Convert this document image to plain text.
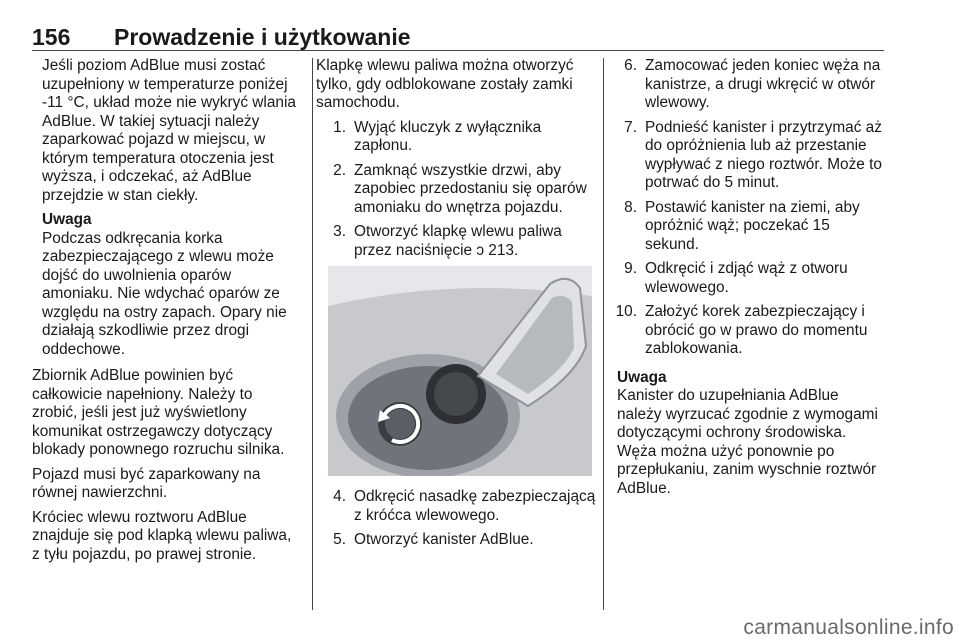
156 Prowadzenie i użytkowanie

Jeśli poziom AdBlue musi zostać uzupełniony w temperaturze poniżej -11 °C, układ może nie wykryć wlania AdBlue. W takiej sytuacji należy zaparkować pojazd w miejscu, w którym temperatura otoczenia jest wyższa, i odczekać, aż AdBlue przejdzie w stan ciekły.

Uwaga
Podczas odkręcania korka zabezpieczającego z wlewu może dojść do uwolnienia oparów amoniaku. Nie wdychać oparów ze względu na ostry zapach. Opary nie działają szkodliwie przez drogi oddechowe.

Zbiornik AdBlue powinien być całkowicie napełniony. Należy to zrobić, jeśli jest już wyświetlony komunikat ostrzegawczy dotyczący blokady ponownego rozruchu silnika.

Pojazd musi być zaparkowany na równej nawierzchni.

Króciec wlewu roztworu AdBlue znajduje się pod klapką wlewu paliwa, z tyłu pojazdu, po prawej stronie.

Klapkę wlewu paliwa można otworzyć tylko, gdy odblokowane zostały zamki samochodu.

1. Wyjąć kluczyk z wyłącznika zapłonu.
2. Zamknąć wszystkie drzwi, aby zapobiec przedostaniu się oparów amoniaku do wnętrza pojazdu.
3. Otworzyć klapkę wlewu paliwa przez naciśnięcie ↄ 213.
4. Odkręcić nasadkę zabezpieczającą z króćca wlewowego.
5. Otworzyć kanister AdBlue.
6. Zamocować jeden koniec węża na kanistrze, a drugi wkręcić w otwór wlewowy.
7. Podnieść kanister i przytrzymać aż do opróżnienia lub aż przestanie wypływać z niego roztwór. Może to potrwać do 5 minut.
8. Postawić kanister na ziemi, aby opróżnić wąż; poczekać 15 sekund.
9. Odkręcić i zdjąć wąż z otworu wlewowego.
10. Założyć korek zabezpieczający i obrócić go w prawo do momentu zablokowania.
Uwaga
Kanister do uzupełniania AdBlue należy wyrzucać zgodnie z wymogami dotyczącymi ochrony środowiska. Węża można użyć ponownie po przepłukaniu, zanim wyschnie roztwór AdBlue.
carmanualsonline.info
